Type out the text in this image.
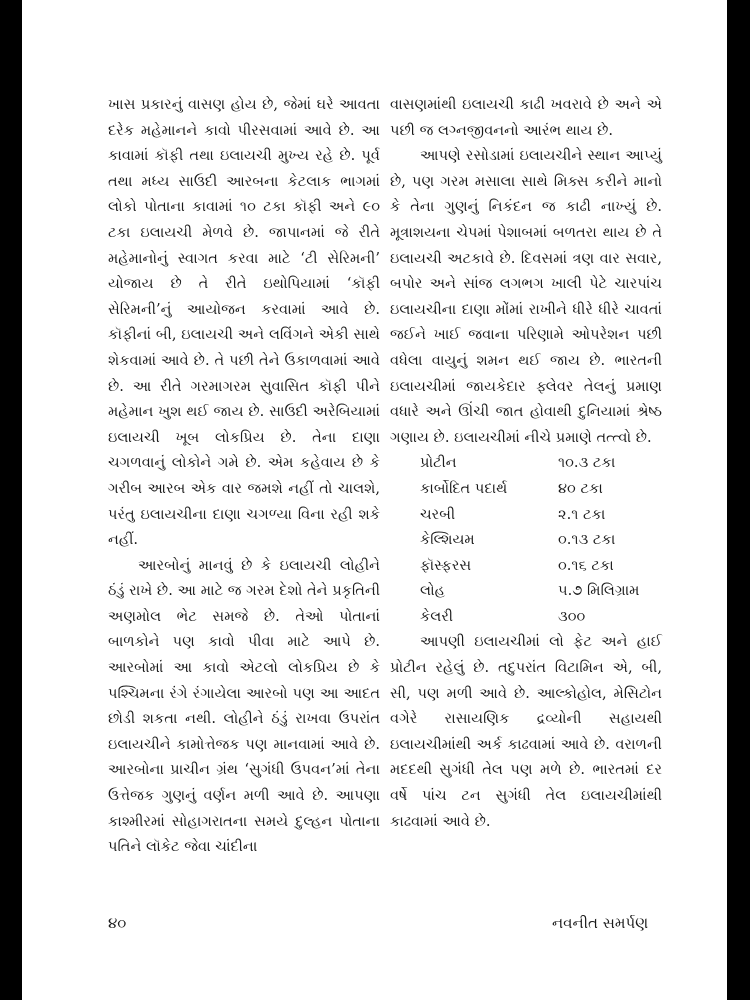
ખાસ પ્રકારનું વાસણ હોય છે, જેમાં ઘરે આવતા દરેક મહેમાનને કાવો પીરસવામાં આવે છે. આ કાવામાં કૉફી તથા ઇલાયચી મુખ્ય રહે છે. પૂર્વ તથા મધ્ય સાઉદી આરબના કેટલાક ભાગમાં લોકો પોતાના કાવામાં ૧૦ ટકા કૉફી અને ૯૦ ટકા ઇલાયચી મેળવે છે. જાપાનમાં જે રીતે મહેમાનોનું સ્વાગત કરવા માટે ‘ટી સેરિમની’ યોજાય છે તે રીતે ઇથોપિયામાં ‘કૉફી સેરિમની’નું આયોજન કરવામાં આવે છે. કૉફીનાં બી, ઇલાયચી અને લવિંગને એકી સાથે શેકવામાં આવે છે. તે પછી તેને ઉકાળવામાં આવે છે. આ રીતે ગરમાગરમ સુવાસિત કૉફી પીને મહેમાન ખુશ થઈ જાય છે. સાઉદી અરેબિયામાં ઇલાયચી ખૂબ લોકપ્રિય છે. તેના દાણા ચગળવાનું લોકોને ગમે છે. એમ કહેવાય છે કે ગરીબ આરબ એક વાર જમશે નહીં તો ચાલશે, પરંતુ ઇલાયચીના દાણા ચગળ્યા વિના રહી શકે નહીં.

આરબોનું માનવું છે કે ઇલાયચી લોહીને ઠંડું રાખે છે. આ માટે જ ગરમ દેશો તેને પ્રકૃતિની અણમોલ ભેટ સમજે છે. તેઓ પોતાનાં બાળકોને પણ કાવો પીવા માટે આપે છે. આરબોમાં આ કાવો એટલો લોકપ્રિય છે કે પશ્ચિમના રંગે રંગાયેલા આરબો પણ આ આદત છોડી શકતા નથી. લોહીને ઠંડું રાખવા ઉપરાંત ઇલાયચીને કામોત્તેજક પણ માનવામાં આવે છે. આરબોના પ્રાચીન ગ્રંથ ‘સુગંધી ઉપવન’માં તેના ઉત્તેજક ગુણનું વર્ણન મળી આવે છે. આપણા કાશ્મીરમાં સોહાગરાતના સમયે દુલ્હન પોતાના પતિને લૉકેટ જેવા ચાંદીના

વાસણમાંથી ઇલાયચી કાઢી ખવરાવે છે અને એ પછી જ લગ્નજીવનનો આરંભ થાય છે.

આપણે રસોડામાં ઇલાયચીને સ્થાન આપ્યું છે, પણ ગરમ મસાલા સાથે મિક્સ કરીને માનો કે તેના ગુણનું નિકંદન જ કાઢી નાખ્યું છે. મૂત્રાશયના ચેપમાં પેશાબમાં બળતરા થાય છે તે ઇલાયચી અટકાવે છે. દિવસમાં ત્રણ વાર સવાર, બપોર અને સાંજ લગભગ ખાલી પેટે ચારપાંચ ઇલાયચીના દાણા મોંમાં રાખીને ધીરે ધીરે ચાવતાં જઈને ખાઈ જવાના પરિણામે ઓપરેશન પછી વધેલા વાયુનું શમન થઈ જાય છે. ભારતની ઇલાયચીમાં જાયકેદાર ફ્લેવર તેલનું પ્રમાણ વધારે અને ઊંચી જાત હોવાથી દુનિયામાં શ્રેષ્ઠ ગણાય છે. ઇલાયચીમાં નીચે પ્રમાણે તત્ત્વો છે.

પ્રોટીન	૧૦.૩ ટકા
કાર્બોદિત પદાર્થ	૪૦ ટકા
ચરબી	૨.૧ ટકા
કેલ્શિયમ	૦.૧૩ ટકા
ફૉસ્ફરસ	૦.૧૬ ટકા
લોહ	૫.૭ મિલિગ્રામ
કેલરી	૩૦૦

આપણી ઇલાયચીમાં લો ફેટ અને હાઈ પ્રોટીન રહેલું છે. તદુપરાંત વિટામિન એ, બી, સી, પણ મળી આવે છે. આલ્કોહોલ, મેસિટોન વગેરે રાસાયણિક દ્રવ્યોની સહાયથી ઇલાયચીમાંથી અર્ક કાઢવામાં આવે છે. વરાળની મદદથી સુગંધી તેલ પણ મળે છે. ભારતમાં દર વર્ષે પાંચ ટન સુગંધી તેલ ઇલાયચીમાંથી કાઢવામાં આવે છે.

૪૦	નવનીત સમર્પણ
